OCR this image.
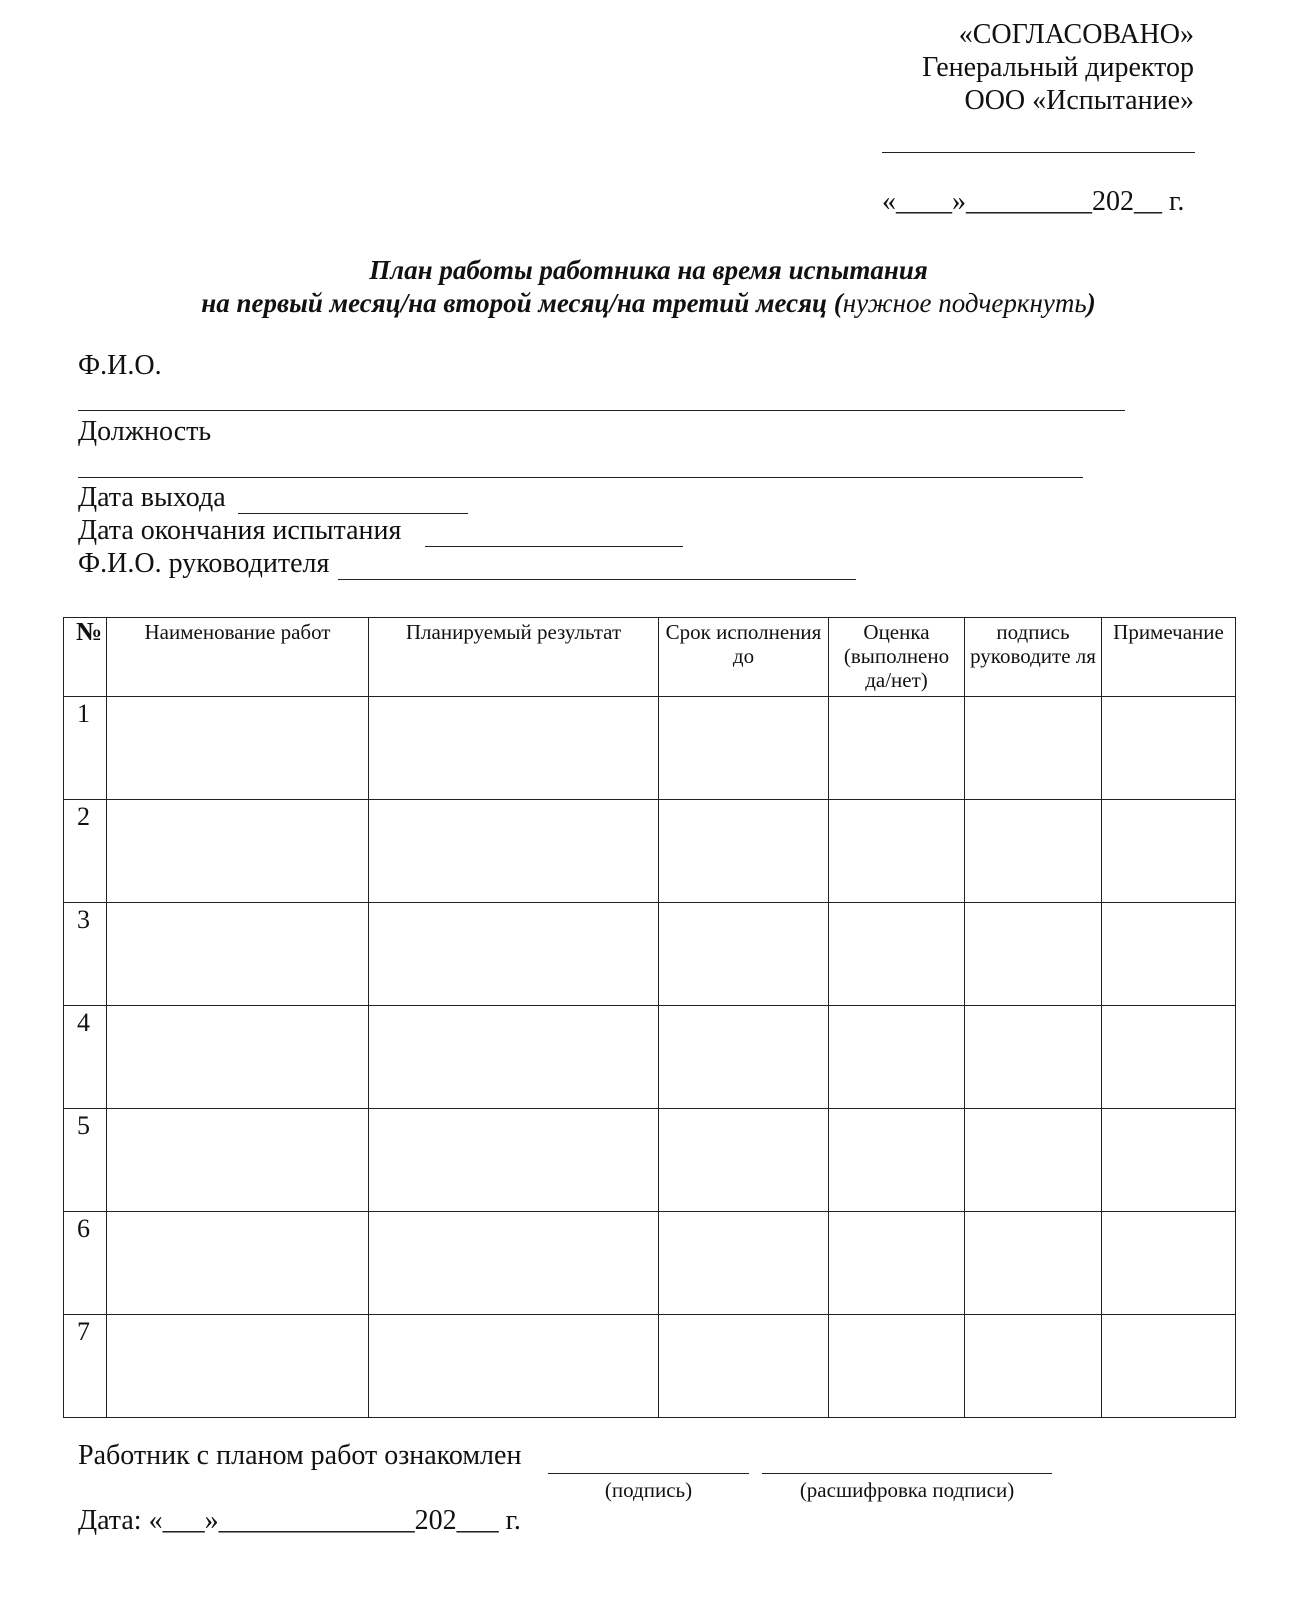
«СОГЛАСОВАНО»
Генеральный директор
ООО «Испытание»
«____»_________202__ г.
План работы работника на время испытания
на первый месяц/на второй месяц/на третий месяц (нужное подчеркнуть)
Ф.И.О.
Должность
Дата выхода
Дата окончания испытания
Ф.И.О. руководителя
№	Наименование работ	Планируемый результат	Срок исполнения до	Оценка (выполнено да/нет)	подпись руководите ля	Примечание
1						
2						
3						
4						
5						
6						
7						
Работник с планом работ ознакомлен
(подпись)	(расшифровка подписи)
Дата: «___»______________202___ г.
